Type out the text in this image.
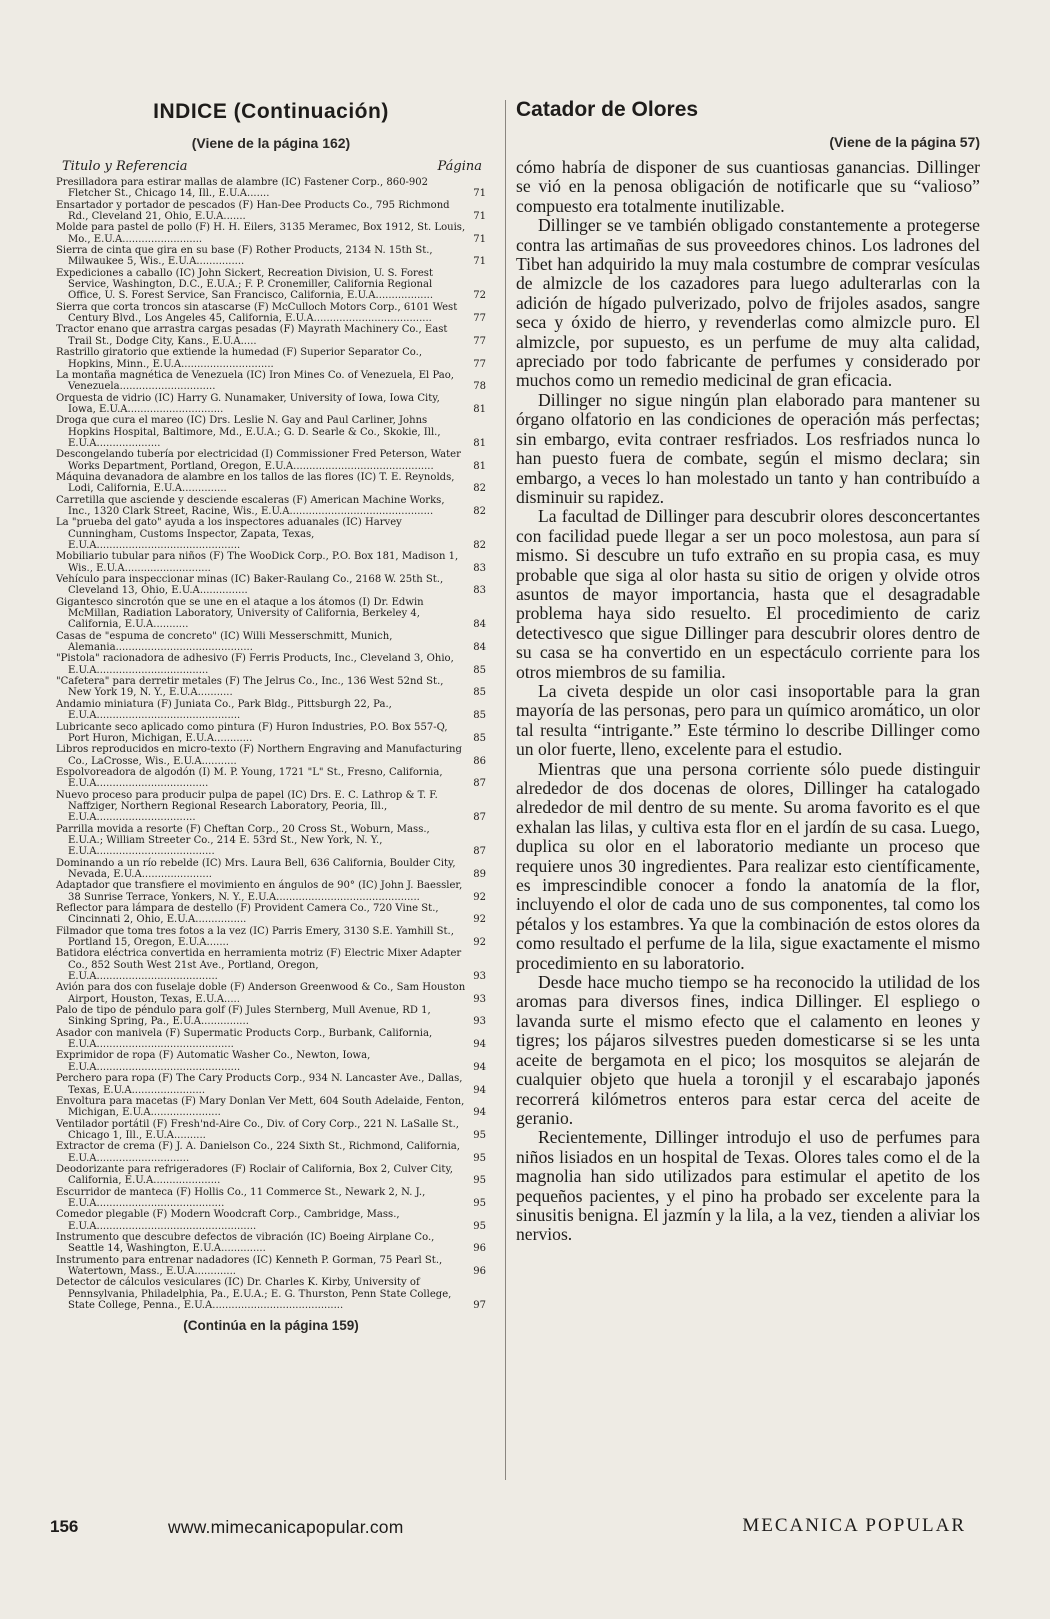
INDICE (Continuación)
(Viene de la página 162)
Titulo y Referencia	Página
Presilladora para estirar mallas de alambre (IC) Fastener Corp., 860-902 Fletcher St., Chicago 14, Ill., E.U.A.......	71
Ensartador y portador de pescados (F) Han-Dee Products Co., 795 Richmond Rd., Cleveland 21, Ohio, E.U.A.......	71
Molde para pastel de pollo (F) H. H. Eilers, 3135 Meramec, Box 1912, St. Louis, Mo., E.U.A.........................	71
Sierra de cinta que gira en su base (F) Rother Products, 2134 N. 15th St., Milwaukee 5, Wis., E.U.A...............	71
Expediciones a caballo (IC) John Sickert, Recreation Division, U. S. Forest Service, Washington, D.C., E.U.A.; F. P. Cronemiller, California Regional Office, U. S. Forest Service, San Francisco, California, E.U.A..................	72
Sierra que corta troncos sin atascarse (F) McCulloch Motors Corp., 6101 West Century Blvd., Los Angeles 45, California, E.U.A.....................................	77
Tractor enano que arrastra cargas pesadas (F) Mayrath Machinery Co., East Trail St., Dodge City, Kans., E.U.A.....	77
Rastrillo giratorio que extiende la humedad (F) Superior Separator Co., Hopkins, Minn., E.U.A.............................	77
La montaña magnética de Venezuela (IC) Iron Mines Co. of Venezuela, El Pao, Venezuela..............................	78
Orquesta de vidrio (IC) Harry G. Nunamaker, University of Iowa, Iowa City, Iowa, E.U.A..............................	81
Droga que cura el mareo (IC) Drs. Leslie N. Gay and Paul Carliner, Johns Hopkins Hospital, Baltimore, Md., E.U.A.; G. D. Searle & Co., Skokie, Ill., E.U.A....................	81
Descongelando tubería por electricidad (I) Commissioner Fred Peterson, Water Works Department, Portland, Oregon, E.U.A............................................	81
Máquina devanadora de alambre en los tallos de las flores (IC) T. E. Reynolds, Lodi, California, E.U.A..............	82
Carretilla que asciende y desciende escaleras (F) American Machine Works, Inc., 1320 Clark Street, Racine, Wis., E.U.A.............................................	82
La "prueba del gato" ayuda a los inspectores aduanales (IC) Harvey Cunningham, Customs Inspector, Zapata, Texas, E.U.A.............................................	82
Mobiliario tubular para niños (F) The WooDick Corp., P.O. Box 181, Madison 1, Wis., E.U.A...........................	83
Vehículo para inspeccionar minas (IC) Baker-Raulang Co., 2168 W. 25th St., Cleveland 13, Ohio, E.U.A...............	83
Gigantesco sincrotón que se une en el ataque a los átomos (I) Dr. Edwin McMillan, Radiation Laboratory, University of California, Berkeley 4, California, E.U.A...........	84
Casas de "espuma de concreto" (IC) Willi Messerschmitt, Munich, Alemania...........................................	84
"Pistola" racionadora de adhesivo (F) Ferris Products, Inc., Cleveland 3, Ohio, E.U.A...................................	85
"Cafetera" para derretir metales (F) The Jelrus Co., Inc., 136 West 52nd St., New York 19, N. Y., E.U.A...........	85
Andamio miniatura (F) Juniata Co., Park Bldg., Pittsburgh 22, Pa., E.U.A.............................................	85
Lubricante seco aplicado como pintura (F) Huron Industries, P.O. Box 557-Q, Port Huron, Michigan, E.U.A............	85
Libros reproducidos en micro-texto (F) Northern Engraving and Manufacturing Co., LaCrosse, Wis., E.U.A...........	86
Espolvoreadora de algodón (I) M. P. Young, 1721 "L" St., Fresno, California, E.U.A...................................	87
Nuevo proceso para producir pulpa de papel (IC) Drs. E. C. Lathrop & T. F. Naffziger, Northern Regional Research Laboratory, Peoria, Ill., E.U.A...............................	87
Parrilla movida a resorte (F) Cheftan Corp., 20 Cross St., Woburn, Mass., E.U.A.; William Streeter Co., 214 E. 53rd St., New York, N. Y., E.U.A.....................................	87
Dominando a un río rebelde (IC) Mrs. Laura Bell, 636 California, Boulder City, Nevada, E.U.A......................	89
Adaptador que transfiere el movimiento en ángulos de 90° (IC) John J. Baessler, 38 Sunrise Terrace, Yonkers, N. Y., E.U.A.............................................	92
Reflector para lámpara de destello (F) Provident Camera Co., 720 Vine St., Cincinnati 2, Ohio, E.U.A................	92
Filmador que toma tres fotos a la vez (IC) Parris Emery, 3130 S.E. Yamhill St., Portland 15, Oregon, E.U.A.......	92
Batidora eléctrica convertida en herramienta motriz (F) Electric Mixer Adapter Co., 852 South West 21st Ave., Portland, Oregon, E.U.A......................................	93
Avión para dos con fuselaje doble (F) Anderson Greenwood & Co., Sam Houston Airport, Houston, Texas, E.U.A.....	93
Palo de tipo de péndulo para golf (F) Jules Sternberg, Mull Avenue, RD 1, Sinking Spring, Pa., E.U.A...............	93
Asador con manivela (F) Supermatic Products Corp., Burbank, California, E.U.A...........................................	94
Exprimidor de ropa (F) Automatic Washer Co., Newton, Iowa, E.U.A.............................................	94
Perchero para ropa (F) The Cary Products Corp., 934 N. Lancaster Ave., Dallas, Texas, E.U.A.......................	94
Envoltura para macetas (F) Mary Donlan Ver Mett, 604 South Adelaide, Fenton, Michigan, E.U.A......................	94
Ventilador portátil (F) Fresh'nd-Aire Co., Div. of Cory Corp., 221 N. LaSalle St., Chicago 1, Ill., E.U.A..........	95
Extractor de crema (F) J. A. Danielson Co., 224 Sixth St., Richmond, California, E.U.A.............................	95
Deodorizante para refrigeradores (F) Roclair of California, Box 2, Culver City, California, E.U.A.....................	95
Escurridor de manteca (F) Hollis Co., 11 Commerce St., Newark 2, N. J., E.U.A........................................	95
Comedor plegable (F) Modern Woodcraft Corp., Cambridge, Mass., E.U.A..................................................	95
Instrumento que descubre defectos de vibración (IC) Boeing Airplane Co., Seattle 14, Washington, E.U.A..............	96
Instrumento para entrenar nadadores (IC) Kenneth P. Gorman, 75 Pearl St., Watertown, Mass., E.U.A.............	96
Detector de cálculos vesiculares (IC) Dr. Charles K. Kirby, University of Pennsylvania, Philadelphia, Pa., E.U.A.; E. G. Thurston, Penn State College, State College, Penna., E.U.A.........................................	97
(Continúa en la página 159)
Catador de Olores
(Viene de la página 57)

cómo habría de disponer de sus cuantiosas ganancias. Dillinger se vió en la penosa obligación de notificarle que su “valioso” compuesto era totalmente inutilizable.

Dillinger se ve también obligado constantemente a protegerse contra las artimañas de sus proveedores chinos. Los ladrones del Tibet han adquirido la muy mala costumbre de comprar vesículas de almizcle de los cazadores para luego adulterarlas con la adición de hígado pulverizado, polvo de frijoles asados, sangre seca y óxido de hierro, y revenderlas como almizcle puro. El almizcle, por supuesto, es un perfume de muy alta calidad, apreciado por todo fabricante de perfumes y considerado por muchos como un remedio medicinal de gran eficacia.

Dillinger no sigue ningún plan elaborado para mantener su órgano olfatorio en las condiciones de operación más perfectas; sin embargo, evita contraer resfriados. Los resfriados nunca lo han puesto fuera de combate, según el mismo declara; sin embargo, a veces lo han molestado un tanto y han contribuído a disminuir su rapidez.

La facultad de Dillinger para descubrir olores desconcertantes con facilidad puede llegar a ser un poco molestosa, aun para sí mismo. Si descubre un tufo extraño en su propia casa, es muy probable que siga al olor hasta su sitio de origen y olvide otros asuntos de mayor importancia, hasta que el desagradable problema haya sido resuelto. El procedimiento de cariz detectivesco que sigue Dillinger para descubrir olores dentro de su casa se ha convertido en un espectáculo corriente para los otros miembros de su familia.

La civeta despide un olor casi insoportable para la gran mayoría de las personas, pero para un químico aromático, un olor tal resulta “intrigante.” Este término lo describe Dillinger como un olor fuerte, lleno, excelente para el estudio.

Mientras que una persona corriente sólo puede distinguir alrededor de dos docenas de olores, Dillinger ha catalogado alrededor de mil dentro de su mente. Su aroma favorito es el que exhalan las lilas, y cultiva esta flor en el jardín de su casa. Luego, duplica su olor en el laboratorio mediante un proceso que requiere unos 30 ingredientes. Para realizar esto científicamente, es imprescindible conocer a fondo la anatomía de la flor, incluyendo el olor de cada uno de sus componentes, tal como los pétalos y los estambres. Ya que la combinación de estos olores da como resultado el perfume de la lila, sigue exactamente el mismo procedimiento en su laboratorio.

Desde hace mucho tiempo se ha reconocido la utilidad de los aromas para diversos fines, indica Dillinger. El espliego o lavanda surte el mismo efecto que el calamento en leones y tigres; los pájaros silvestres pueden domesticarse si se les unta aceite de bergamota en el pico; los mosquitos se alejarán de cualquier objeto que huela a toronjil y el escarabajo japonés recorrerá kilómetros enteros para estar cerca del aceite de geranio.

Recientemente, Dillinger introdujo el uso de perfumes para niños lisiados en un hospital de Texas. Olores tales como el de la magnolia han sido utilizados para estimular el apetito de los pequeños pacientes, y el pino ha probado ser excelente para la sinusitis benigna. El jazmín y la lila, a la vez, tienden a aliviar los nervios.

156	www.mimecanicapopular.com	MECANICA POPULAR
